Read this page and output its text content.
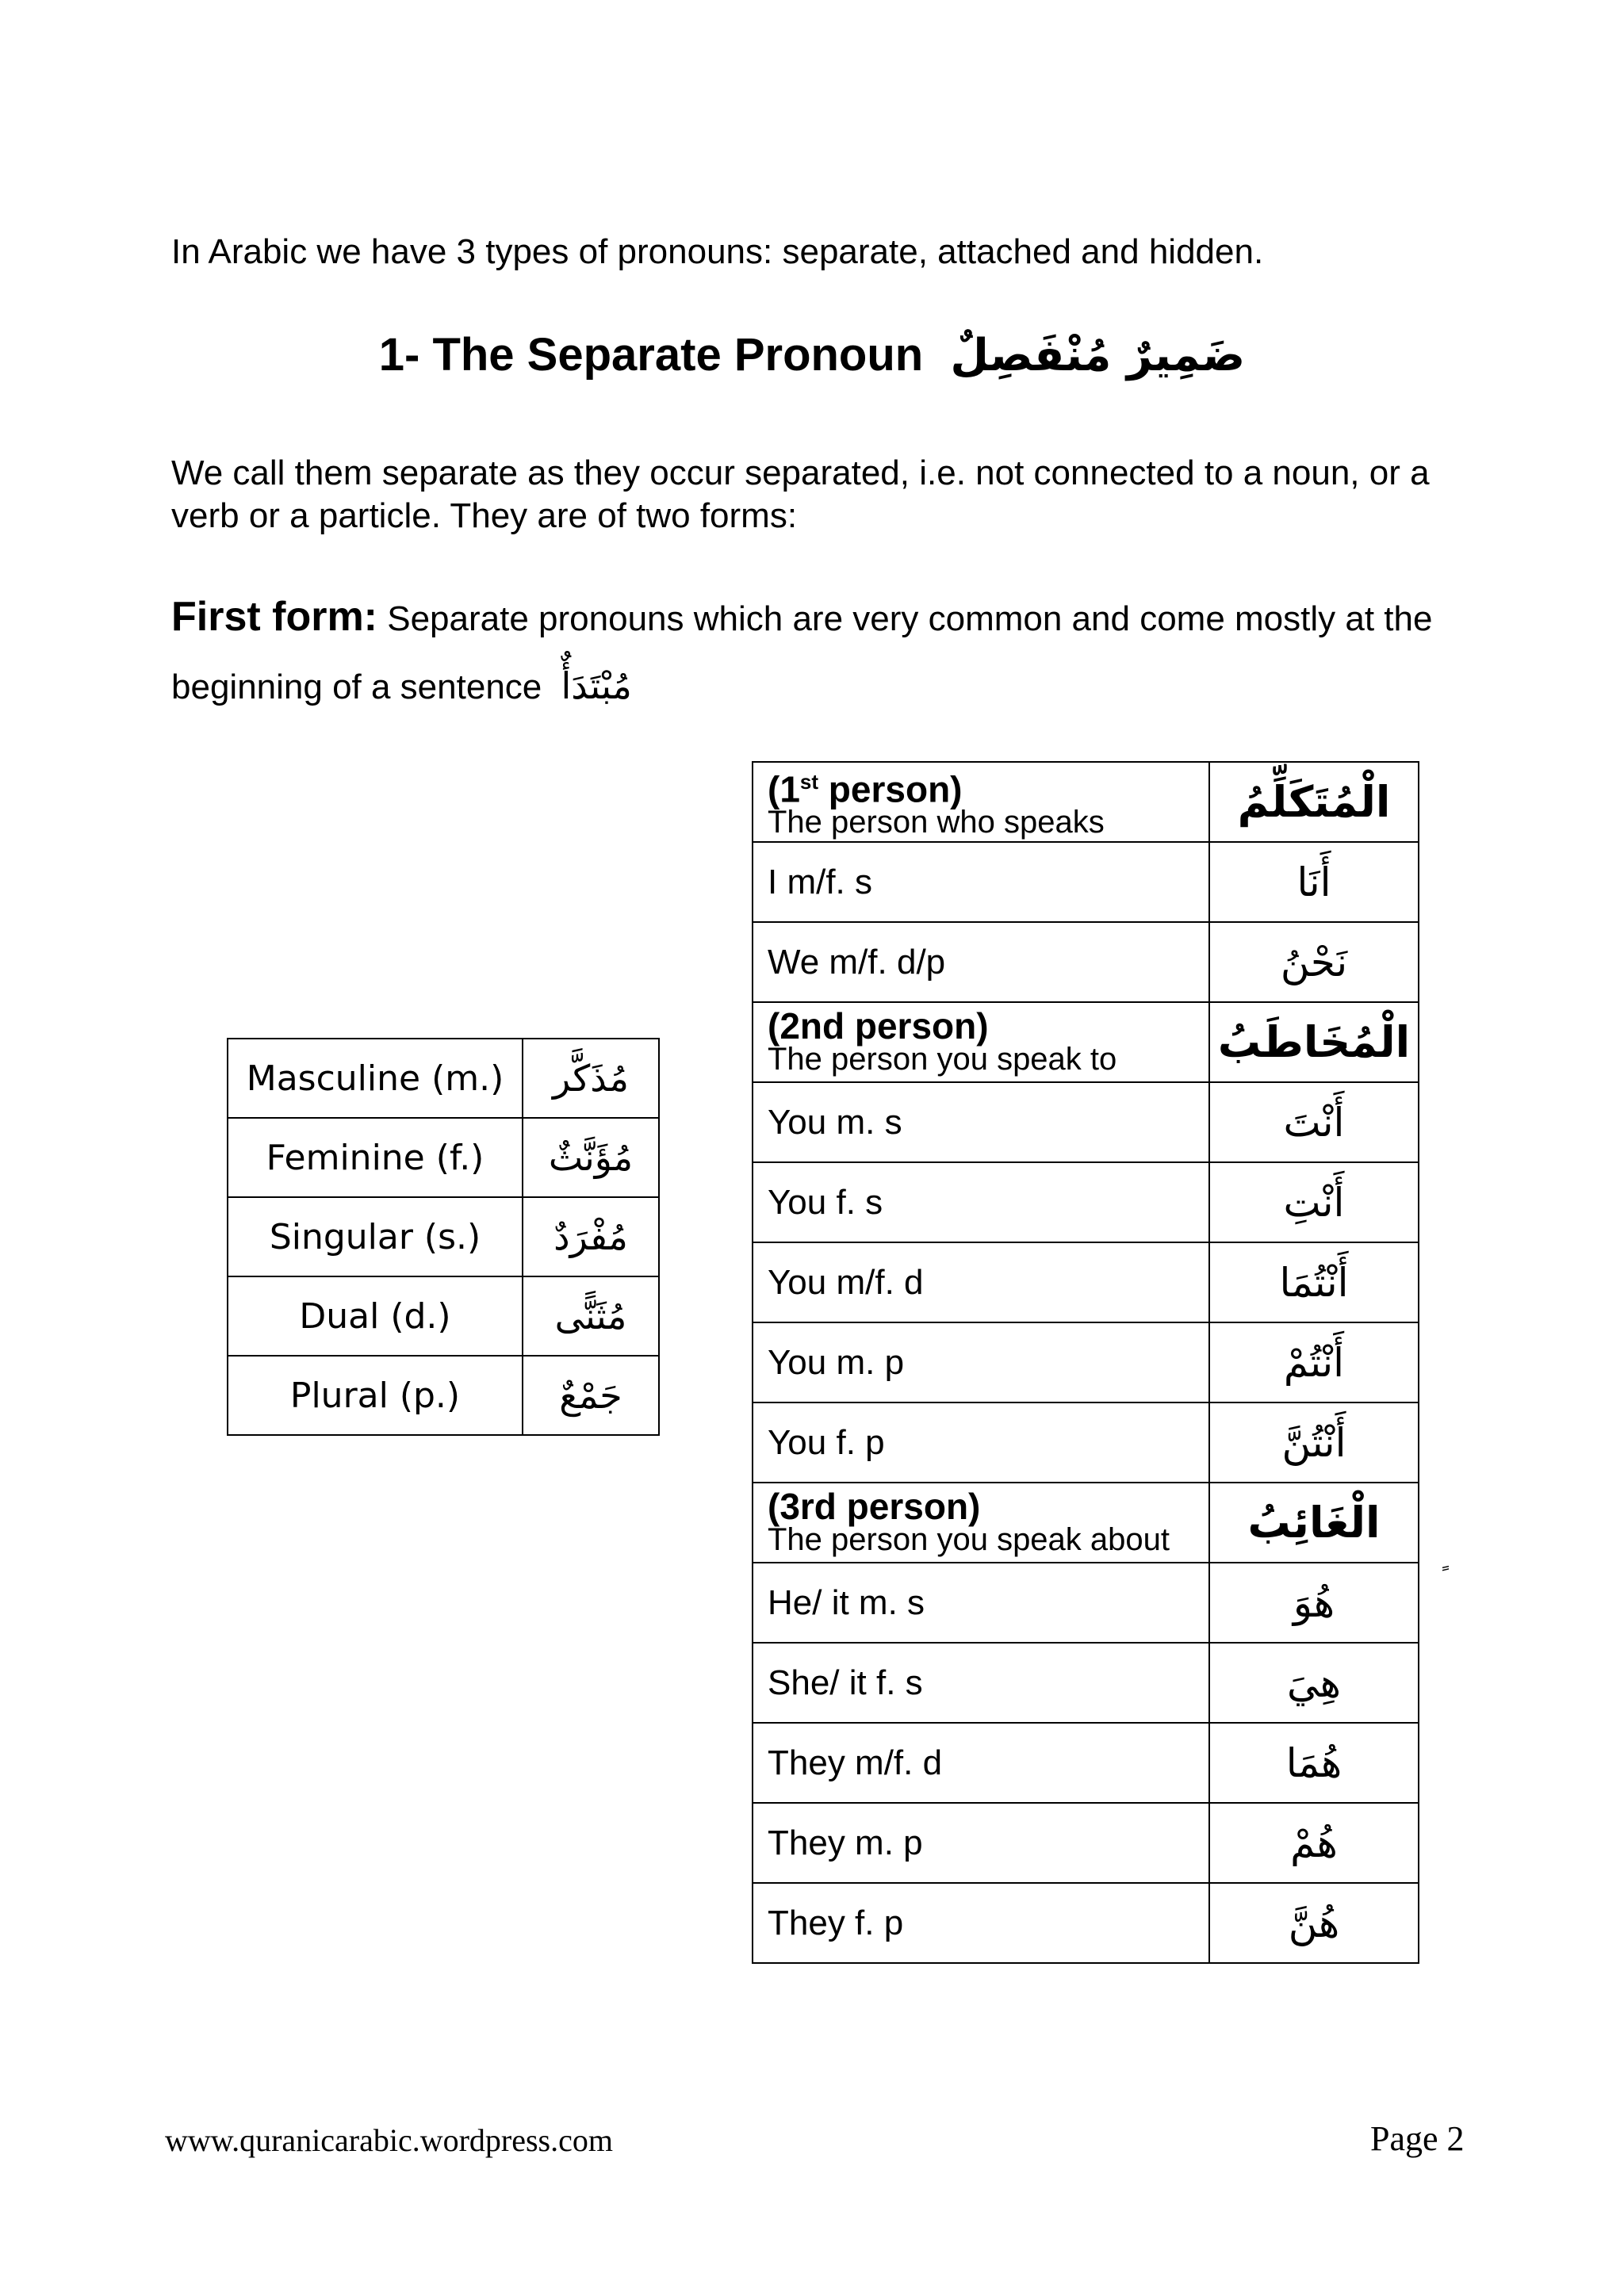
In Arabic we have 3 types of pronouns: separate, attached and hidden.
1- The Separate Pronoun ضَمِيرٌ مُنْفَصِلٌ
We call them separate as they occur separated, i.e. not connected to a noun, or a verb or a particle. They are of two forms:
First form: Separate pronouns which are very common and come mostly at the beginning of a sentence مُبْتَدَأٌ
Masculine (m.)	مُذَكَّر
Feminine (f.)	مُؤَنَّثٌ
Singular (s.)	مُفْرَدٌ
Dual (d.)	مُثَنًّى
Plural (p.)	جَمْعٌ
(1st person)
The person who speaks	الْمُتَكَلِّمُ
I m/f. s	أَنَا
We m/f. d/p	نَحْنُ

(2nd person)
The person you speak to	الْمُخَاطَبُ
You m. s	أَنْتَ
You f. s	أَنْتِ
You m/f. d	أَنْتُمَا
You m. p	أَنْتُمْ
You f. p	أَنْتُنَّ

(3rd person)
The person you speak about	الْغَائِبُ
He/ it m. s	هُوَ
She/ it f. s	هِيَ
They m/f. d	هُمَا
They m. p	هُمْ
They f. p	هُنَّ
www.quranicarabic.wordpress.com	Page 2
